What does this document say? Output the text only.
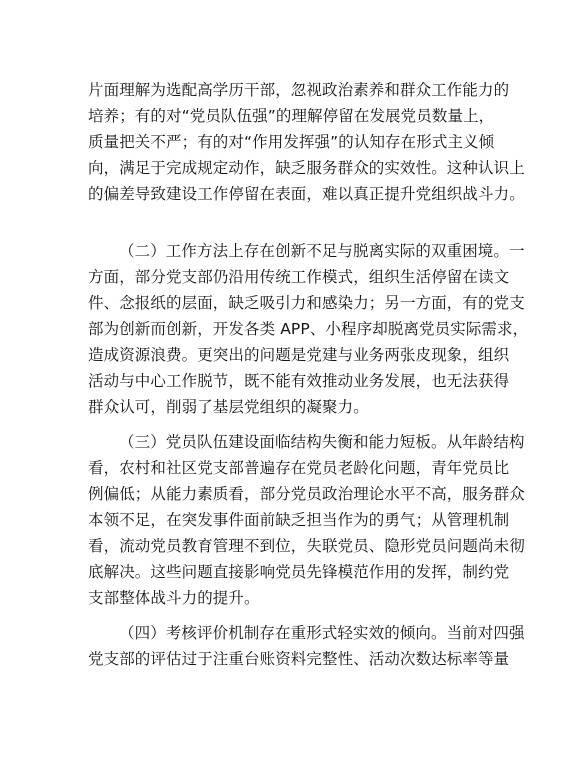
片面理解为选配高学历干部，忽视政治素养和群众工作能力的
培养；有的对“党员队伍强”的理解停留在发展党员数量上，
质量把关不严；有的对“作用发挥强”的认知存在形式主义倾
向，满足于完成规定动作，缺乏服务群众的实效性。这种认识上
的偏差导致建设工作停留在表面，难以真正提升党组织战斗力。
（二）工作方法上存在创新不足与脱离实际的双重困境。一
方面，部分党支部仍沿用传统工作模式，组织生活停留在读文
件、念报纸的层面，缺乏吸引力和感染力；另一方面，有的党支
部为创新而创新，开发各类 APP、小程序却脱离党员实际需求，
造成资源浪费。更突出的问题是党建与业务两张皮现象，组织
活动与中心工作脱节，既不能有效推动业务发展，也无法获得
群众认可，削弱了基层党组织的凝聚力。
（三）党员队伍建设面临结构失衡和能力短板。从年龄结构
看，农村和社区党支部普遍存在党员老龄化问题，青年党员比
例偏低；从能力素质看，部分党员政治理论水平不高，服务群众
本领不足，在突发事件面前缺乏担当作为的勇气；从管理机制
看，流动党员教育管理不到位，失联党员、隐形党员问题尚未彻
底解决。这些问题直接影响党员先锋模范作用的发挥，制约党
支部整体战斗力的提升。
（四）考核评价机制存在重形式轻实效的倾向。当前对四强
党支部的评估过于注重台账资料完整性、活动次数达标率等量
